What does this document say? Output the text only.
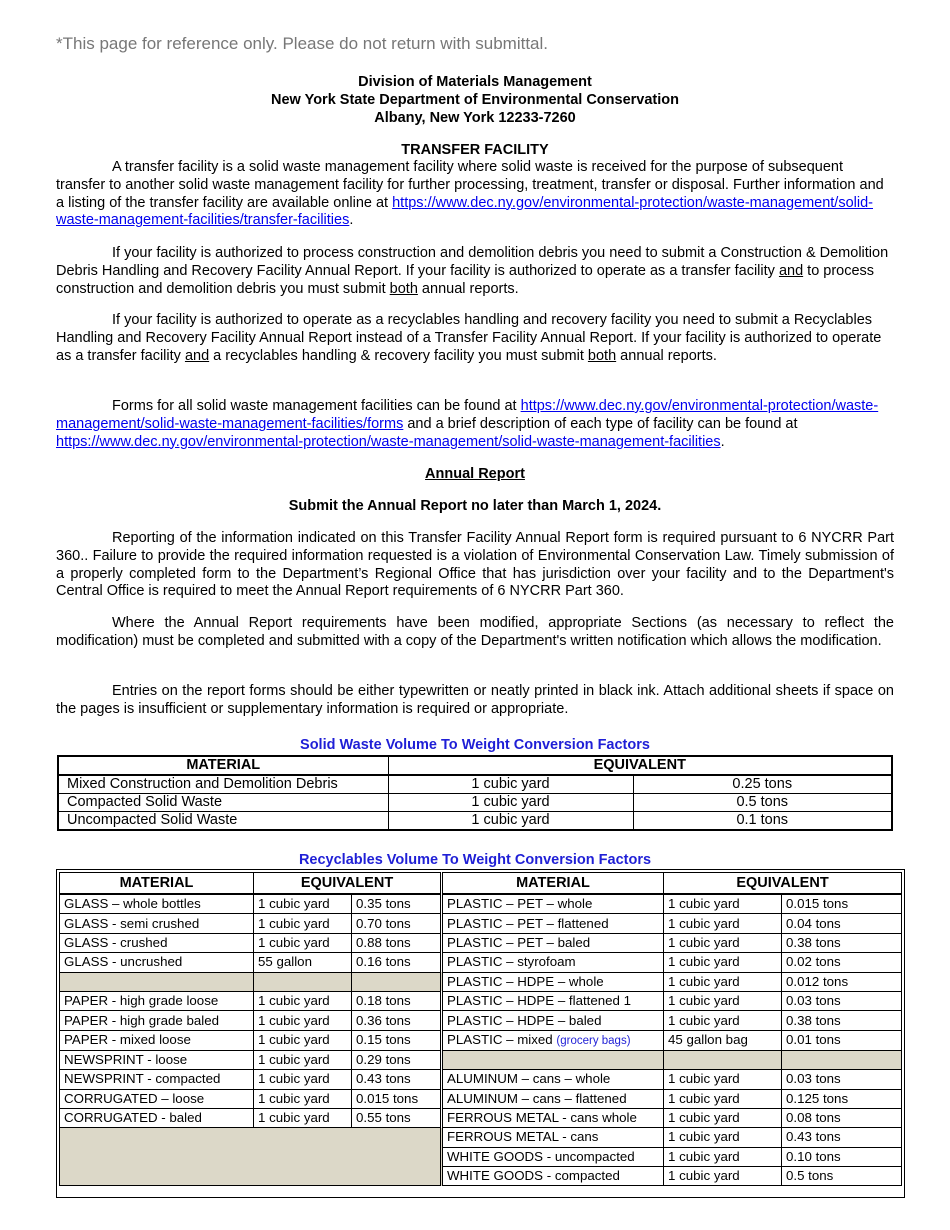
*This page for reference only. Please do not return with submittal.
Division of Materials Management
New York State Department of Environmental Conservation
Albany, New York 12233-7260
TRANSFER FACILITY
A transfer facility is a solid waste management facility where solid waste is received for the purpose of subsequent transfer to another solid waste management facility for further processing, treatment, transfer or disposal. Further information and a listing of the transfer facility are available online at https://www.dec.ny.gov/environmental-protection/waste-management/solid-waste-management-facilities/transfer-facilities.
If your facility is authorized to process construction and demolition debris you need to submit a Construction & Demolition Debris Handling and Recovery Facility Annual Report. If your facility is authorized to operate as a transfer facility and to process construction and demolition debris you must submit both annual reports.
If your facility is authorized to operate as a recyclables handling and recovery facility you need to submit a Recyclables Handling and Recovery Facility Annual Report instead of a Transfer Facility Annual Report. If your facility is authorized to operate as a transfer facility and a recyclables handling & recovery facility you must submit both annual reports.
Forms for all solid waste management facilities can be found at https://www.dec.ny.gov/environmental-protection/waste-management/solid-waste-management-facilities/forms and a brief description of each type of facility can be found at https://www.dec.ny.gov/environmental-protection/waste-management/solid-waste-management-facilities.
Annual Report
Submit the Annual Report no later than March 1, 2024.
Reporting of the information indicated on this Transfer Facility Annual Report form is required pursuant to 6 NYCRR Part 360.. Failure to provide the required information requested is a violation of Environmental Conservation Law. Timely submission of a properly completed form to the Department’s Regional Office that has jurisdiction over your facility and to the Department's Central Office is required to meet the Annual Report requirements of 6 NYCRR Part 360.
Where the Annual Report requirements have been modified, appropriate Sections (as necessary to reflect the modification) must be completed and submitted with a copy of the Department's written notification which allows the modification.
Entries on the report forms should be either typewritten or neatly printed in black ink. Attach additional sheets if space on the pages is insufficient or supplementary information is required or appropriate.
Solid Waste Volume To Weight Conversion Factors
Recyclables Volume To Weight Conversion Factors
MATERIAL	EQUIVALENT	
Mixed Construction and Demolition Debris	1 cubic yard	0.25 tons
Compacted Solid Waste	1 cubic yard	0.5 tons
Uncompacted Solid Waste	1 cubic yard	0.1 tons
MATERIAL	EQUIVALENT		MATERIAL	EQUIVALENT	
GLASS – whole bottles	1 cubic yard	0.35 tons	PLASTIC – PET – whole	1 cubic yard	0.015 tons
GLASS - semi crushed	1 cubic yard	0.70 tons	PLASTIC – PET – flattened	1 cubic yard	0.04 tons
GLASS - crushed	1 cubic yard	0.88 tons	PLASTIC – PET – baled	1 cubic yard	0.38 tons
GLASS - uncrushed	55 gallon	0.16 tons	PLASTIC – styrofoam	1 cubic yard	0.02 tons
			PLASTIC – HDPE – whole	1 cubic yard	0.012 tons
PAPER - high grade loose	1 cubic yard	0.18 tons	PLASTIC – HDPE – flattened 1	1 cubic yard	0.03 tons
PAPER - high grade baled	1 cubic yard	0.36 tons	PLASTIC – HDPE – baled	1 cubic yard	0.38 tons
PAPER - mixed loose	1 cubic yard	0.15 tons	PLASTIC – mixed (grocery bags)	45 gallon bag	0.01 tons
NEWSPRINT - loose	1 cubic yard	0.29 tons			
NEWSPRINT - compacted	1 cubic yard	0.43 tons	ALUMINUM – cans – whole	1 cubic yard	0.03 tons
CORRUGATED – loose	1 cubic yard	0.015 tons	ALUMINUM – cans – flattened	1 cubic yard	0.125 tons
CORRUGATED - baled	1 cubic yard	0.55 tons	FERROUS METAL - cans whole	1 cubic yard	0.08 tons
			FERROUS METAL - cans	1 cubic yard	0.43 tons
			WHITE GOODS - uncompacted	1 cubic yard	0.10 tons
			WHITE GOODS - compacted	1 cubic yard	0.5 tons
